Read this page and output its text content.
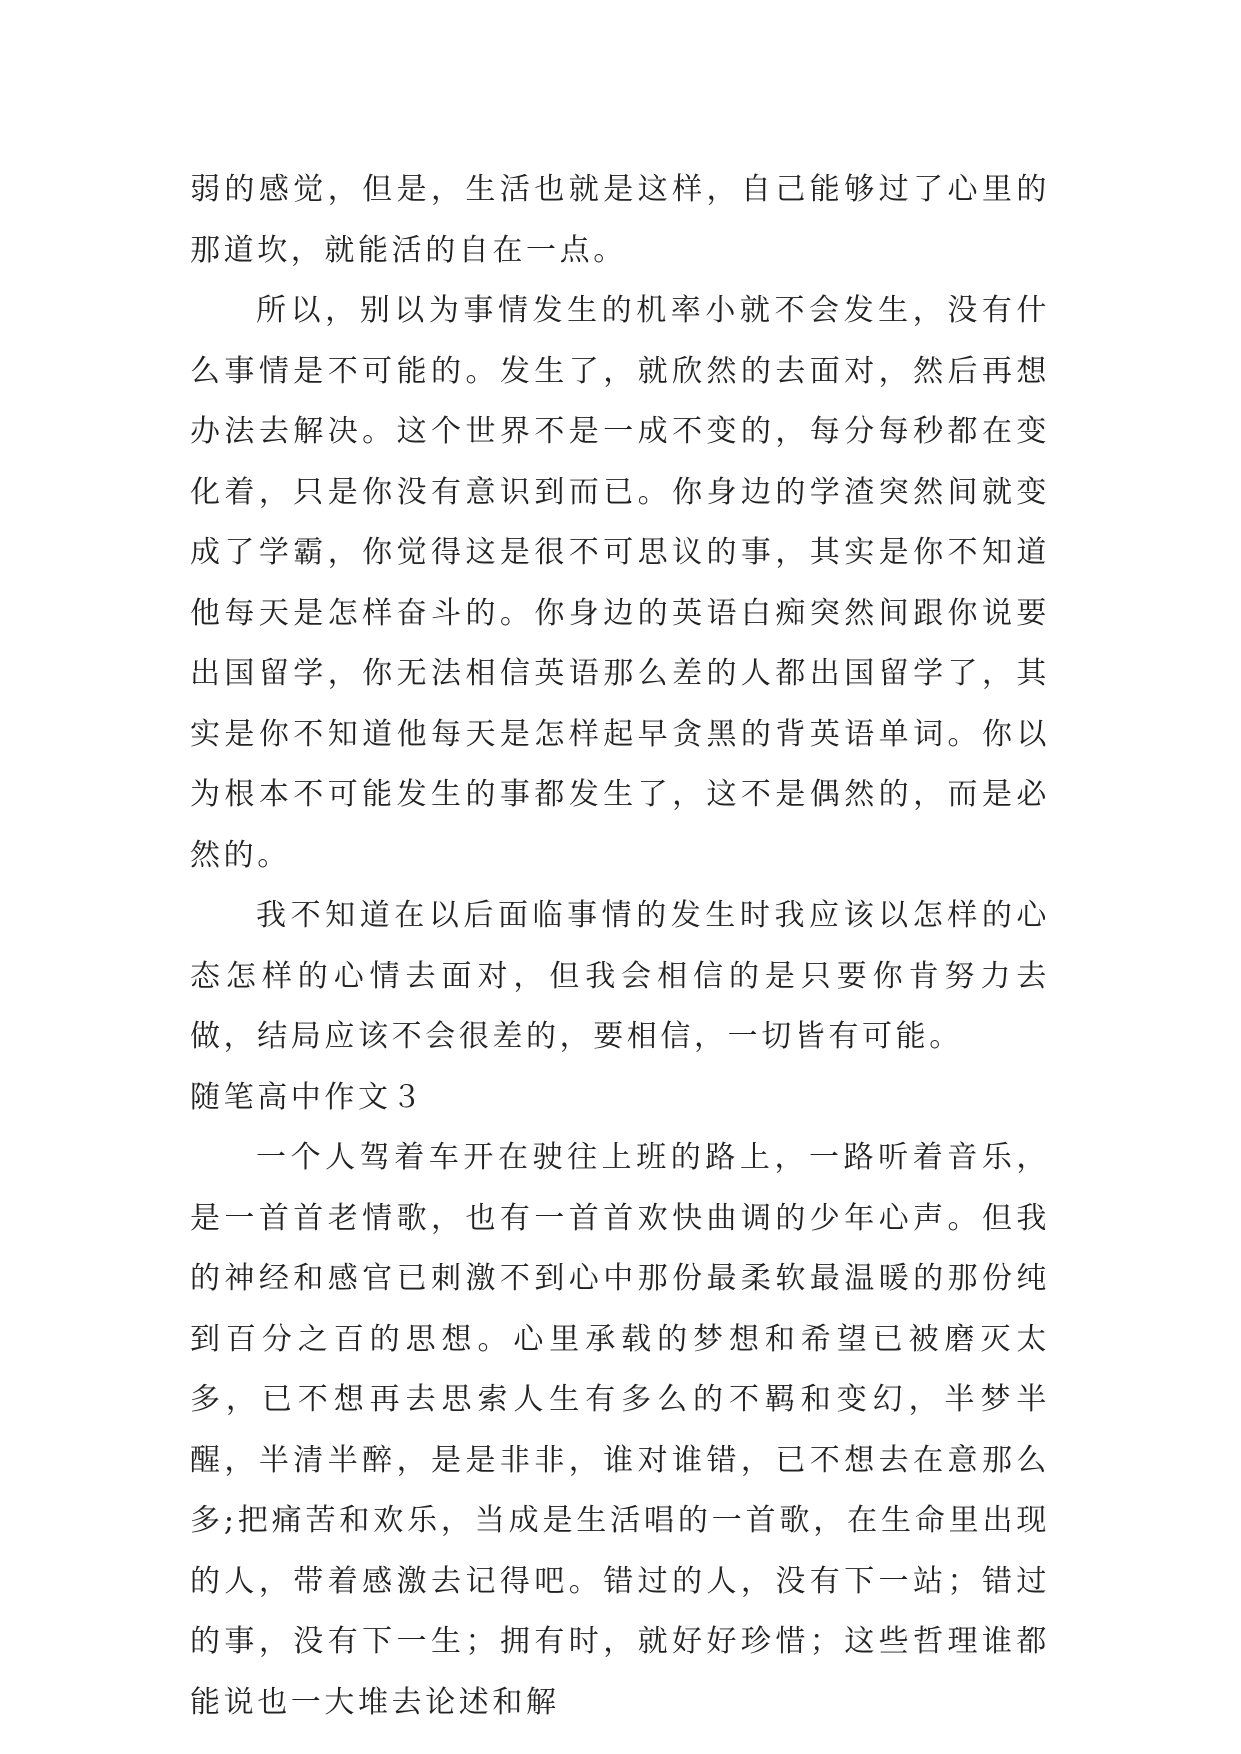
弱的感觉，但是，生活也就是这样，自己能够过了心里的那道坎，就能活的自在一点。

所以，别以为事情发生的机率小就不会发生，没有什么事情是不可能的。发生了，就欣然的去面对，然后再想办法去解决。这个世界不是一成不变的，每分每秒都在变化着，只是你没有意识到而已。你身边的学渣突然间就变成了学霸，你觉得这是很不可思议的事，其实是你不知道他每天是怎样奋斗的。你身边的英语白痴突然间跟你说要出国留学，你无法相信英语那么差的人都出国留学了，其实是你不知道他每天是怎样起早贪黑的背英语单词。你以为根本不可能发生的事都发生了，这不是偶然的，而是必然的。

我不知道在以后面临事情的发生时我应该以怎样的心态怎样的心情去面对，但我会相信的是只要你肯努力去做，结局应该不会很差的，要相信，一切皆有可能。

随笔高中作文３

一个人驾着车开在驶往上班的路上，一路听着音乐，是一首首老情歌，也有一首首欢快曲调的少年心声。但我的神经和感官已刺激不到心中那份最柔软最温暖的那份纯到百分之百的思想。心里承载的梦想和希望已被磨灭太多，已不想再去思索人生有多么的不羁和变幻，半梦半醒，半清半醉，是是非非，谁对谁错，已不想去在意那么多;把痛苦和欢乐，当成是生活唱的一首歌，在生命里出现的人，带着感激去记得吧。错过的人，没有下一站；错过的事，没有下一生；拥有时，就好好珍惜；这些哲理谁都能说也一大堆去论述和解
